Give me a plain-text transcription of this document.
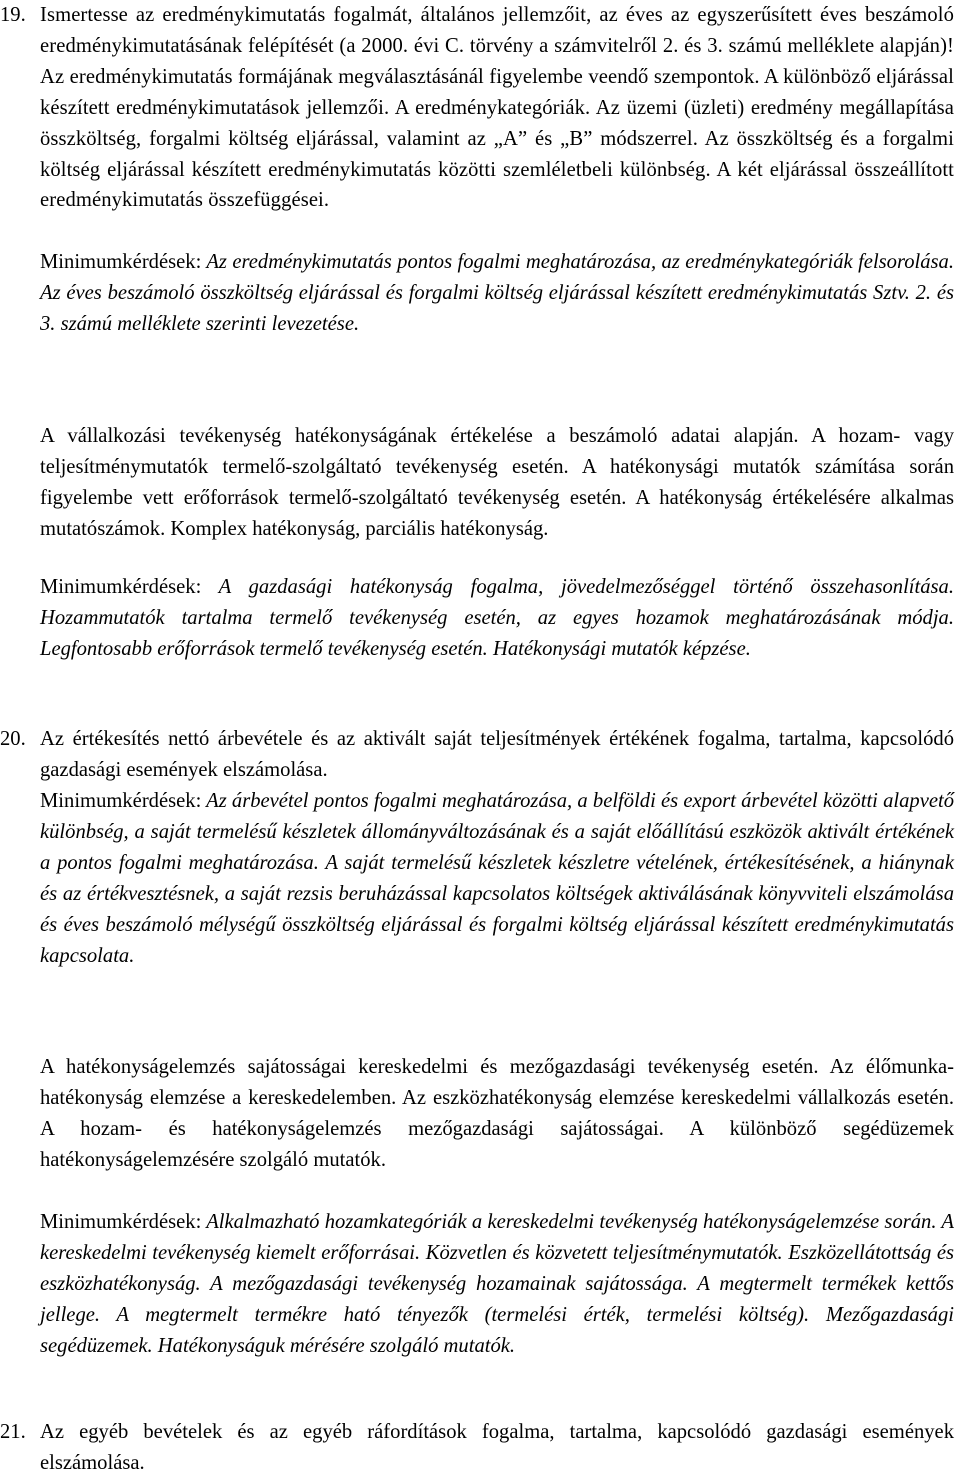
19. Ismertesse az eredménykimutatás fogalmát, általános jellemzőit, az éves az egyszerűsített éves beszámoló eredménykimutatásának felépítését (a 2000. évi C. törvény a számvitelről 2. és 3. számú melléklete alapján)! Az eredménykimutatás formájának megválasztásánál figyelembe veendő szempontok. A különböző eljárással készített eredménykimutatások jellemzői. A eredménykategóriák. Az üzemi (üzleti) eredmény megállapítása összköltség, forgalmi költség eljárással, valamint az „A” és „B” módszerrel. Az összköltség és a forgalmi költség eljárással készített eredménykimutatás közötti szemléletbeli különbség. A két eljárással összeállított eredménykimutatás összefüggései.

Minimumkérdések: Az eredménykimutatás pontos fogalmi meghatározása, az eredménykategóriák felsorolása. Az éves beszámoló összköltség eljárással és forgalmi költség eljárással készített eredménykimutatás Sztv. 2. és 3. számú melléklete szerinti levezetése.

A vállalkozási tevékenység hatékonyságának értékelése a beszámoló adatai alapján. A hozam- vagy teljesítménymutatók termelő-szolgáltató tevékenység esetén. A hatékonysági mutatók számítása során figyelembe vett erőforrások termelő-szolgáltató tevékenység esetén. A hatékonyság értékelésére alkalmas mutatószámok. Komplex hatékonyság, parciális hatékonyság.

Minimumkérdések: A gazdasági hatékonyság fogalma, jövedelmezőséggel történő összehasonlítása. Hozammutatók tartalma termelő tevékenység esetén, az egyes hozamok meghatározásának módja. Legfontosabb erőforrások termelő tevékenység esetén. Hatékonysági mutatók képzése.

20. Az értékesítés nettó árbevétele és az aktivált saját teljesítmények értékének fogalma, tartalma, kapcsolódó gazdasági események elszámolása.

Minimumkérdések: Az árbevétel pontos fogalmi meghatározása, a belföldi és export árbevétel közötti alapvető különbség, a saját termelésű készletek állományváltozásának és a saját előállítású eszközök aktivált értékének a pontos fogalmi meghatározása. A saját termelésű készletek készletre vételének, értékesítésének, a hiánynak és az értékvesztésnek, a saját rezsis beruházással kapcsolatos költségek aktiválásának könyvviteli elszámolása és éves beszámoló mélységű összköltség eljárással és forgalmi költség eljárással készített eredménykimutatás kapcsolata.

A hatékonyságelemzés sajátosságai kereskedelmi és mezőgazdasági tevékenység esetén. Az élőmunka-hatékonyság elemzése a kereskedelemben. Az eszközhatékonyság elemzése kereskedelmi vállalkozás esetén. A hozam- és hatékonyságelemzés mezőgazdasági sajátosságai. A különböző segédüzemek hatékonyságelemzésére szolgáló mutatók.

Minimumkérdések: Alkalmazható hozamkategóriák a kereskedelmi tevékenység hatékonyságelemzése során. A kereskedelmi tevékenység kiemelt erőforrásai. Közvetlen és közvetett teljesítménymutatók. Eszközellátottság és eszközhatékonyság. A mezőgazdasági tevékenység hozamainak sajátossága. A megtermelt termékek kettős jellege. A megtermelt termékre ható tényezők (termelési érték, termelési költség). Mezőgazdasági segédüzemek. Hatékonyságuk mérésére szolgáló mutatók.

21. Az egyéb bevételek és az egyéb ráfordítások fogalma, tartalma, kapcsolódó gazdasági események elszámolása.
